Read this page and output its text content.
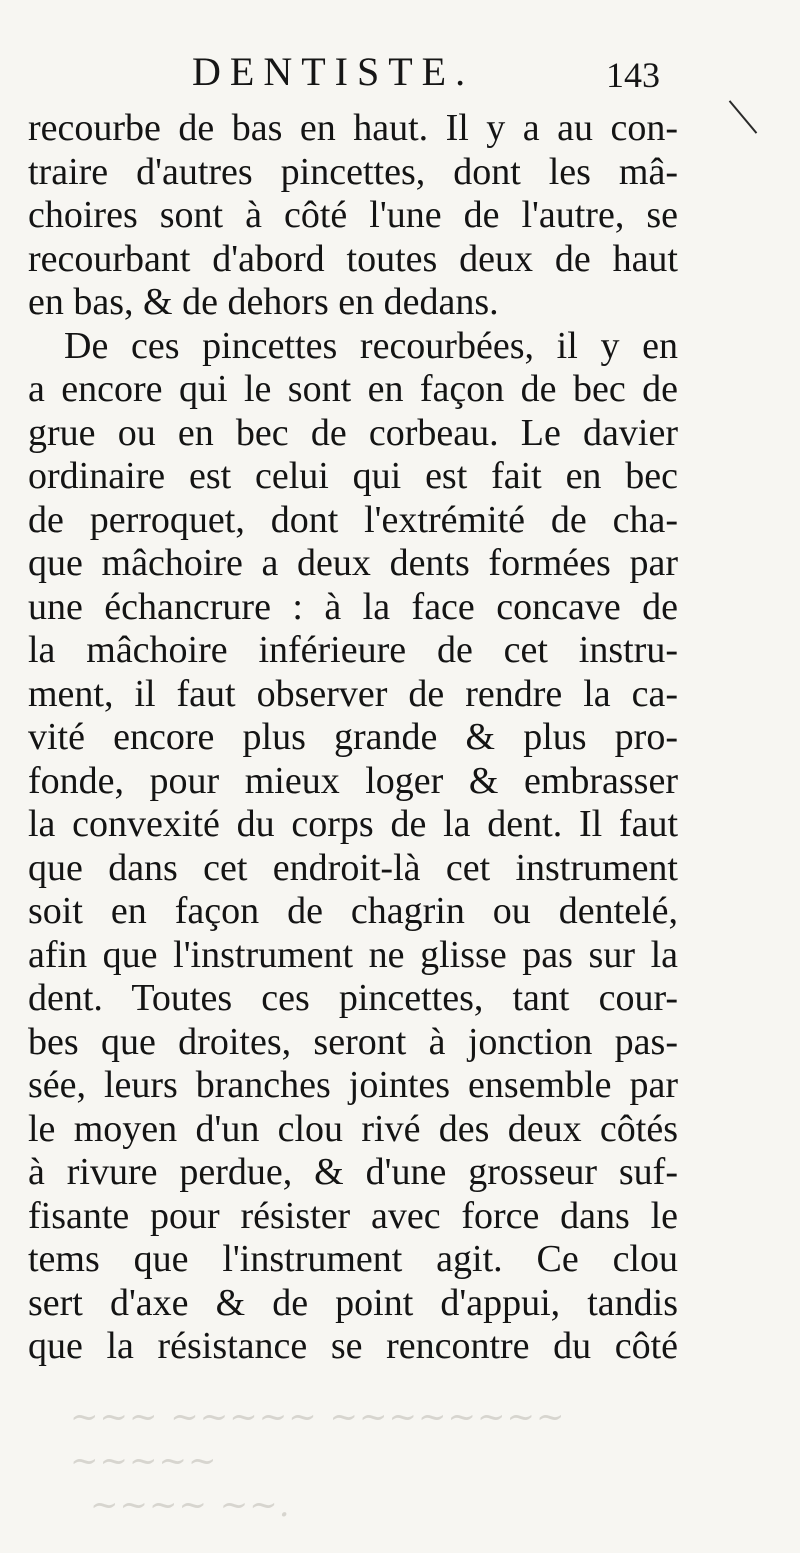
~~~ ~~~~~ ~~~~~~~~ ~~~~~
~~~~ ~~.
DENTISTE.	143
recourbe de bas en haut. Il y a au con-
traire d'autres pincettes, dont les mâ-
choires sont à côté l'une de l'autre, se
recourbant d'abord toutes deux de haut
en bas, & de dehors en dedans.
De ces pincettes recourbées, il y en
a encore qui le sont en façon de bec de
grue ou en bec de corbeau. Le davier
ordinaire est celui qui est fait en bec
de perroquet, dont l'extrémité de cha-
que mâchoire a deux dents formées par
une échancrure : à la face concave de
la mâchoire inférieure de cet instru-
ment, il faut observer de rendre la ca-
vité encore plus grande & plus pro-
fonde, pour mieux loger & embrasser
la convexité du corps de la dent. Il faut
que dans cet endroit-là cet instrument
soit en façon de chagrin ou dentelé,
afin que l'instrument ne glisse pas sur la
dent. Toutes ces pincettes, tant cour-
bes que droites, seront à jonction pas-
sée, leurs branches jointes ensemble par
le moyen d'un clou rivé des deux côtés
à rivure perdue, & d'une grosseur suf-
fisante pour résister avec force dans le
tems que l'instrument agit. Ce clou
sert d'axe & de point d'appui, tandis
que la résistance se rencontre du côté
